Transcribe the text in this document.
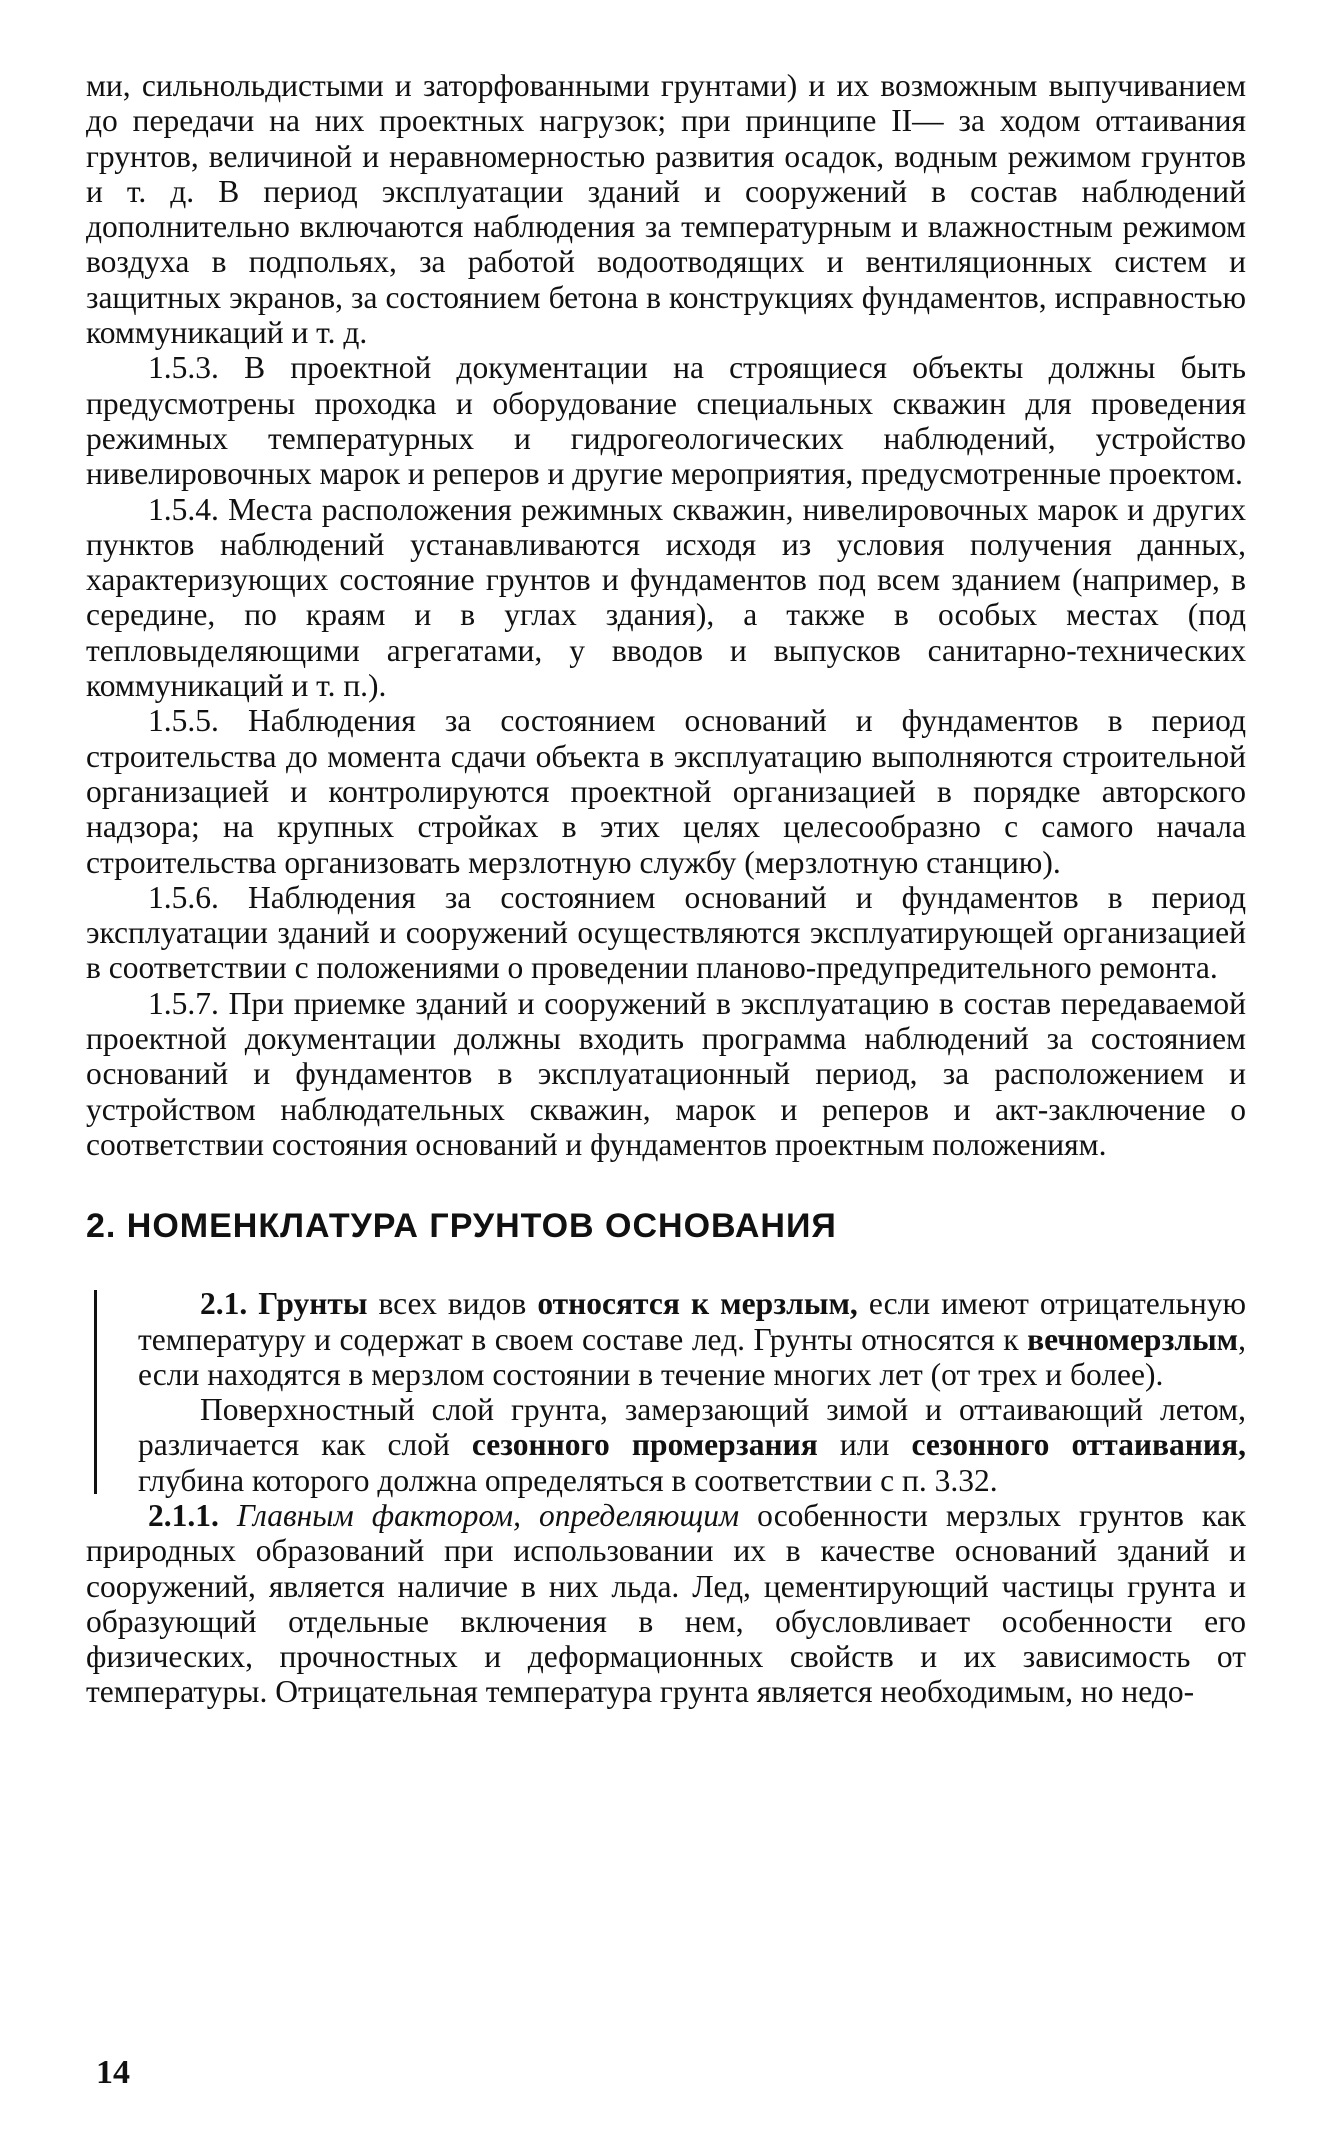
ми, сильнольдистыми и заторфованными грунтами) и их возможным выпучиванием до передачи на них проектных нагрузок; при принципе II— за ходом оттаивания грунтов, величиной и неравномерностью развития осадок, водным режимом грунтов и т. д. В период эксплуатации зданий и сооружений в состав наблюдений дополнительно включаются наблюдения за температурным и влажностным режимом воздуха в подпольях, за работой водоотводящих и вентиляционных систем и защитных экранов, за состоянием бетона в конструкциях фундаментов, исправностью коммуникаций и т. д.

1.5.3. В проектной документации на строящиеся объекты должны быть предусмотрены проходка и оборудование специальных скважин для проведения режимных температурных и гидрогеологических наблюдений, устройство нивелировочных марок и реперов и другие мероприятия, предусмотренные проектом.

1.5.4. Места расположения режимных скважин, нивелировочных марок и других пунктов наблюдений устанавливаются исходя из условия получения данных, характеризующих состояние грунтов и фундаментов под всем зданием (например, в середине, по краям и в углах здания), а также в особых местах (под тепловыделяющими агрегатами, у вводов и выпусков санитарно-технических коммуникаций и т. п.).

1.5.5. Наблюдения за состоянием оснований и фундаментов в период строительства до момента сдачи объекта в эксплуатацию выполняются строительной организацией и контролируются проектной организацией в порядке авторского надзора; на крупных стройках в этих целях целесообразно с самого начала строительства организовать мерзлотную службу (мерзлотную станцию).

1.5.6. Наблюдения за состоянием оснований и фундаментов в период эксплуатации зданий и сооружений осуществляются эксплуатирующей организацией в соответствии с положениями о проведении планово-предупредительного ремонта.

1.5.7. При приемке зданий и сооружений в эксплуатацию в состав передаваемой проектной документации должны входить программа наблюдений за состоянием оснований и фундаментов в эксплуатационный период, за расположением и устройством наблюдательных скважин, марок и реперов и акт-заключение о соответствии состояния оснований и фундаментов проектным положениям.

2. НОМЕНКЛАТУРА ГРУНТОВ ОСНОВАНИЯ

2.1. Грунты всех видов относятся к мерзлым, если имеют отрицательную температуру и содержат в своем составе лед. Грунты относятся к вечномерзлым, если находятся в мерзлом состоянии в течение многих лет (от трех и более).

Поверхностный слой грунта, замерзающий зимой и оттаивающий летом, различается как слой сезонного промерзания или сезонного оттаивания, глубина которого должна определяться в соответствии с п. 3.32.

2.1.1. Главным фактором, определяющим особенности мерзлых грунтов как природных образований при использовании их в качестве оснований зданий и сооружений, является наличие в них льда. Лед, цементирующий частицы грунта и образующий отдельные включения в нем, обусловливает особенности его физических, прочностных и деформационных свойств и их зависимость от температуры. Отрицательная температура грунта является необходимым, но недо-

14
